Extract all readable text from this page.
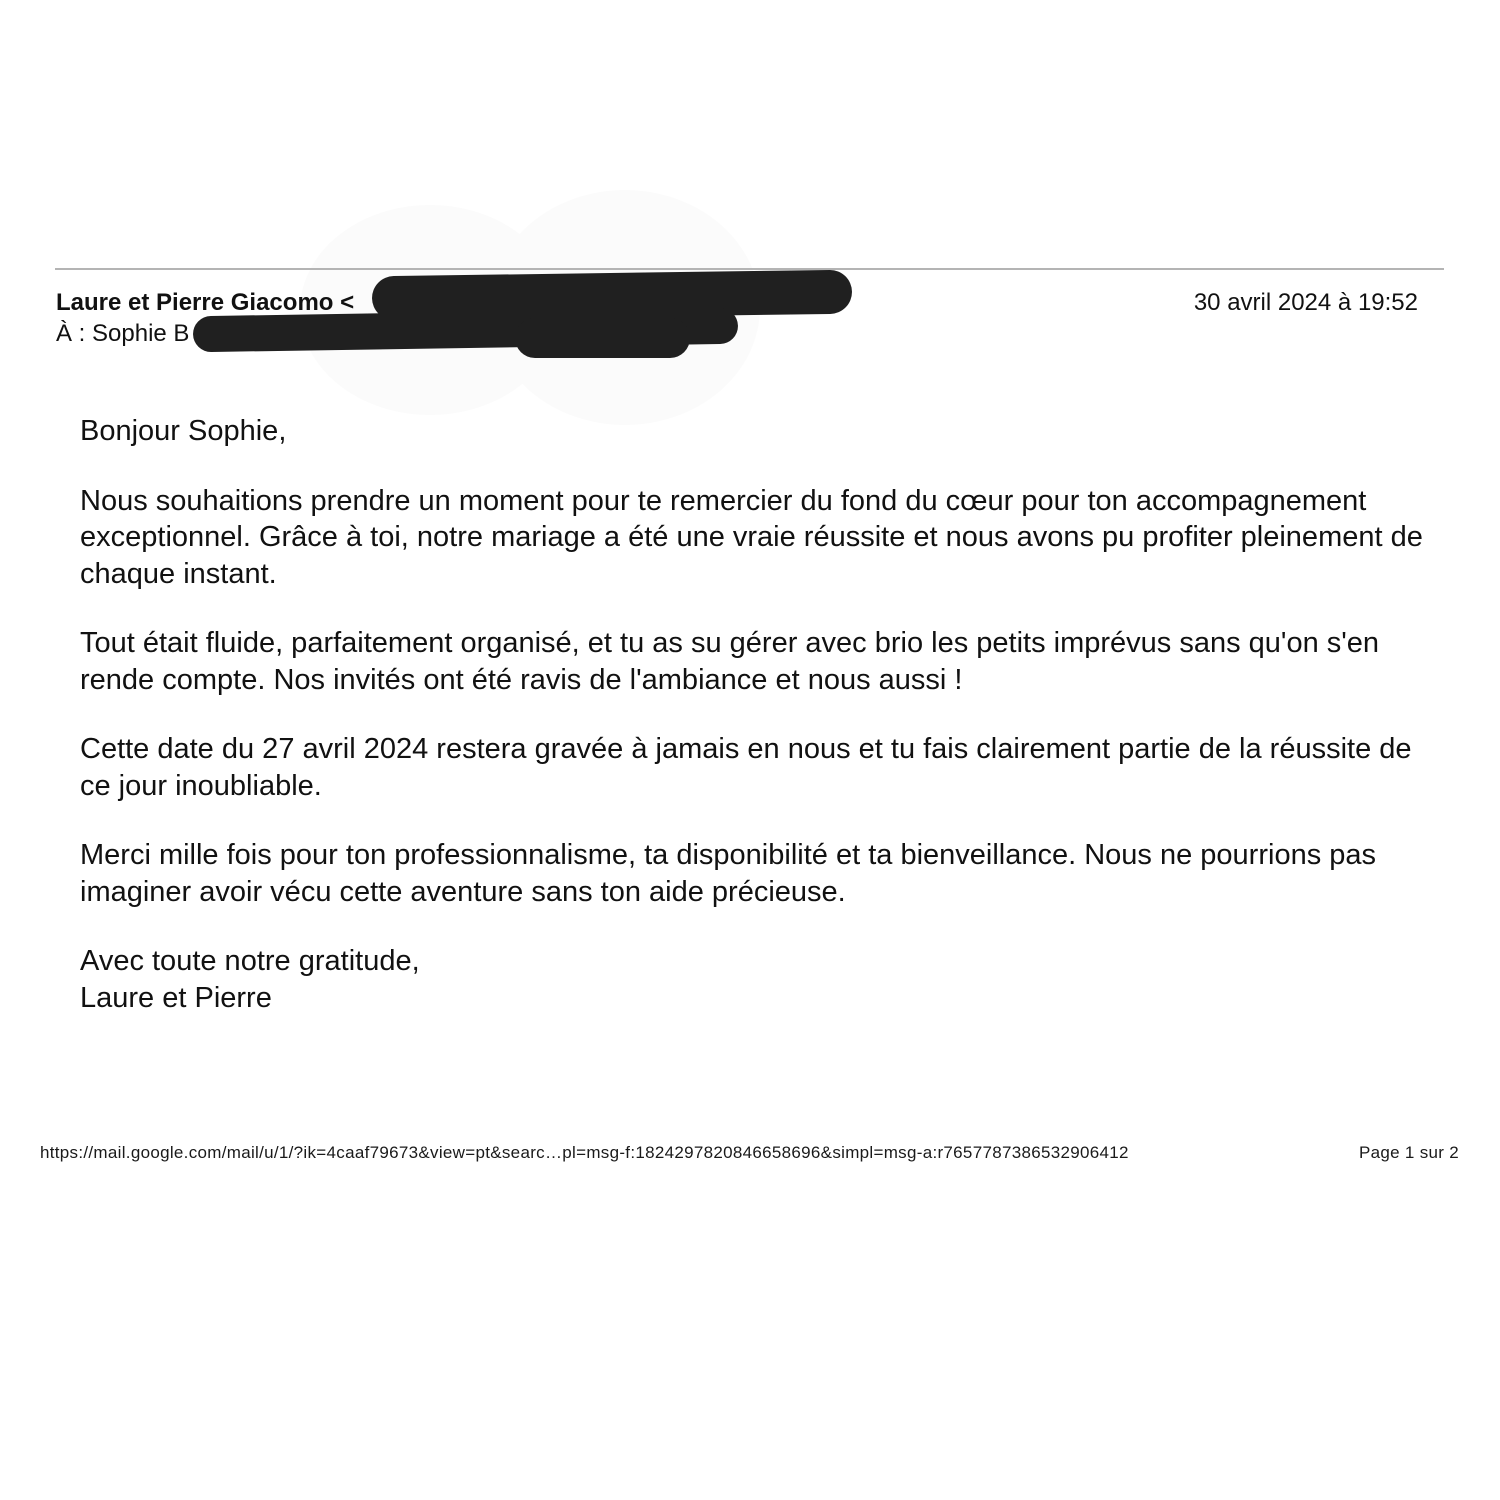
Laure et Pierre Giacomo <
À : Sophie B
30 avril 2024 à 19:52

Bonjour Sophie,

Nous souhaitions prendre un moment pour te remercier du fond du cœur pour ton accompagnement exceptionnel. Grâce à toi, notre mariage a été une vraie réussite et nous avons pu profiter pleinement de chaque instant.

Tout était fluide, parfaitement organisé, et tu as su gérer avec brio les petits imprévus sans qu'on s'en rende compte. Nos invités ont été ravis de l'ambiance et nous aussi !

Cette date du 27 avril 2024 restera gravée à jamais en nous et tu fais clairement partie de la réussite de ce jour inoubliable.

Merci mille fois pour ton professionnalisme, ta disponibilité et ta bienveillance. Nous ne pourrions pas imaginer avoir vécu cette aventure sans ton aide précieuse.

Avec toute notre gratitude,

Laure et Pierre

https://mail.google.com/mail/u/1/?ik=4caaf79673&view=pt&searc…pl=msg-f:1824297820846658696&simpl=msg-a:r7657787386532906412	Page 1 sur 2
